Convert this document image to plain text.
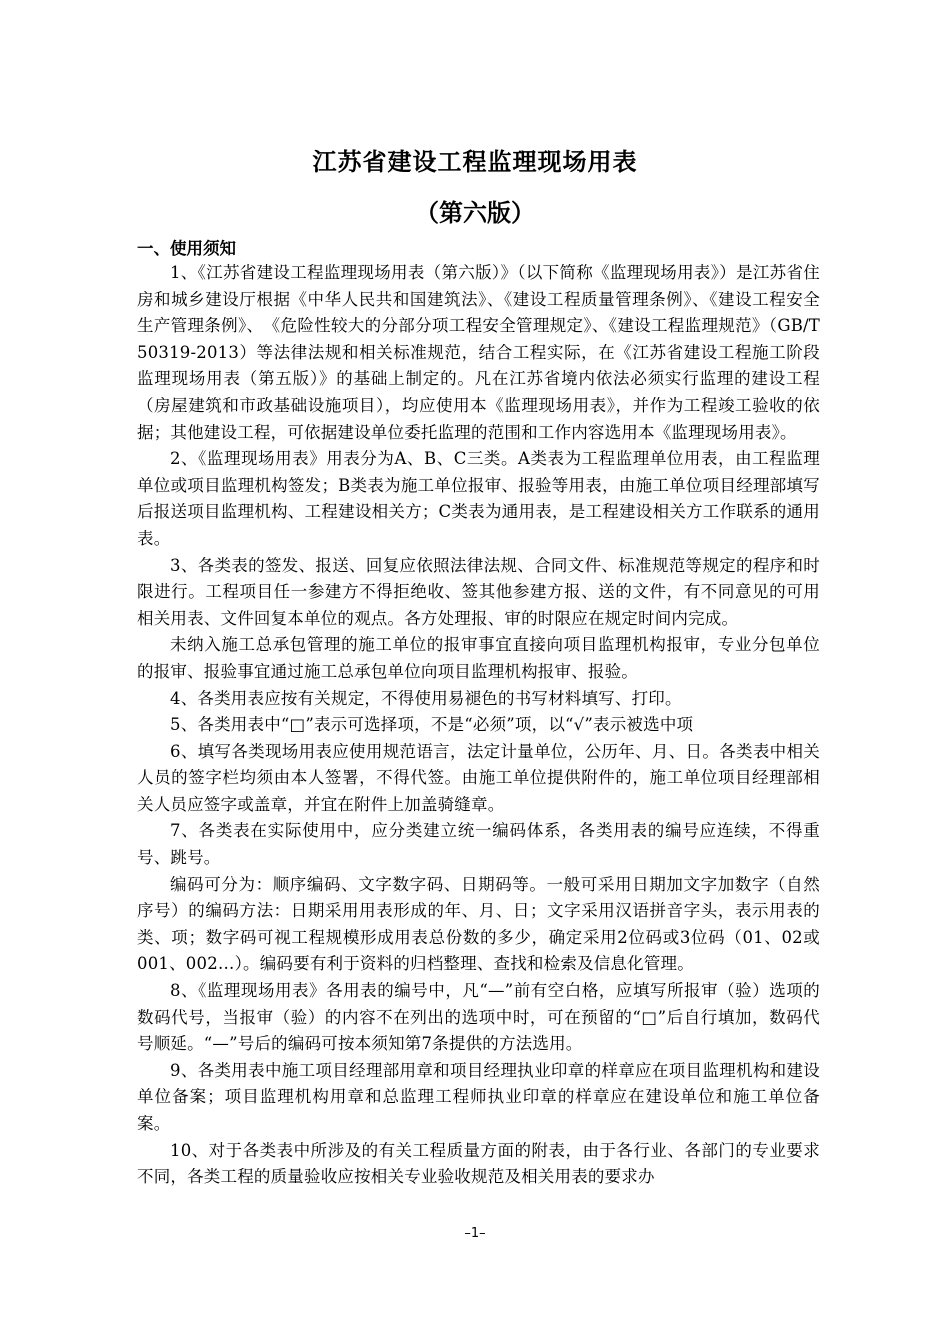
江苏省建设工程监理现场用表
（第六版）
一、使用须知

1、《江苏省建设工程监理现场用表（第六版）》（以下简称《监理现场用表》）是江苏省住房和城乡建设厅根据《中华人民共和国建筑法》、《建设工程质量管理条例》、《建设工程安全生产管理条例》、　《危险性较大的分部分项工程安全管理规定》、《建设工程监理规范》（GB/T 50319-2013）等法律法规和相关标准规范，结合工程实际，在《江苏省建设工程施工阶段监理现场用表（第五版）》的基础上制定的。凡在江苏省境内依法必须实行监理的建设工程（房屋建筑和市政基础设施项目），均应使用本《监理现场用表》，并作为工程竣工验收的依据；其他建设工程，可依据建设单位委托监理的范围和工作内容选用本《监理现场用表》。

2、《监理现场用表》用表分为A、B、C三类。A类表为工程监理单位用表，由工程监理单位或项目监理机构签发；B类表为施工单位报审、报验等用表，由施工单位项目经理部填写后报送项目监理机构、工程建设相关方；C类表为通用表，是工程建设相关方工作联系的通用表。

3、各类表的签发、报送、回复应依照法律法规、合同文件、标准规范等规定的程序和时限进行。工程项目任一参建方不得拒绝收、签其他参建方报、送的文件，有不同意见的可用相关用表、文件回复本单位的观点。各方处理报、审的时限应在规定时间内完成。

未纳入施工总承包管理的施工单位的报审事宜直接向项目监理机构报审，专业分包单位的报审、报验事宜通过施工总承包单位向项目监理机构报审、报验。

4、各类用表应按有关规定，不得使用易褪色的书写材料填写、打印。

5、各类用表中“□”表示可选择项，不是“必须”项，以“√”表示被选中项

6、填写各类现场用表应使用规范语言，法定计量单位，公历年、月、日。各类表中相关人员的签字栏均须由本人签署，不得代签。由施工单位提供附件的，施工单位项目经理部相关人员应签字或盖章，并宜在附件上加盖骑缝章。

7、各类表在实际使用中，应分类建立统一编码体系，各类用表的编号应连续，不得重号、跳号。

编码可分为：顺序编码、文字数字码、日期码等。一般可采用日期加文字加数字（自然序号）的编码方法：日期采用用表形成的年、月、日；文字采用汉语拼音字头，表示用表的类、项；数字码可视工程规模形成用表总份数的多少，确定采用2位码或3位码（01、02或001、002…）。编码要有利于资料的归档整理、查找和检索及信息化管理。

8、《监理现场用表》各用表的编号中，凡“—”前有空白格，应填写所报审（验）选项的数码代号，当报审（验）的内容不在列出的选项中时，可在预留的“□”后自行填加，数码代号顺延。“—”号后的编码可按本须知第7条提供的方法选用。

9、各类用表中施工项目经理部用章和项目经理执业印章的样章应在项目监理机构和建设单位备案；项目监理机构用章和总监理工程师执业印章的样章应在建设单位和施工单位备案。

10、对于各类表中所涉及的有关工程质量方面的附表，由于各行业、各部门的专业要求不同，各类工程的质量验收应按相关专业验收规范及相关用表的要求办

–1–
